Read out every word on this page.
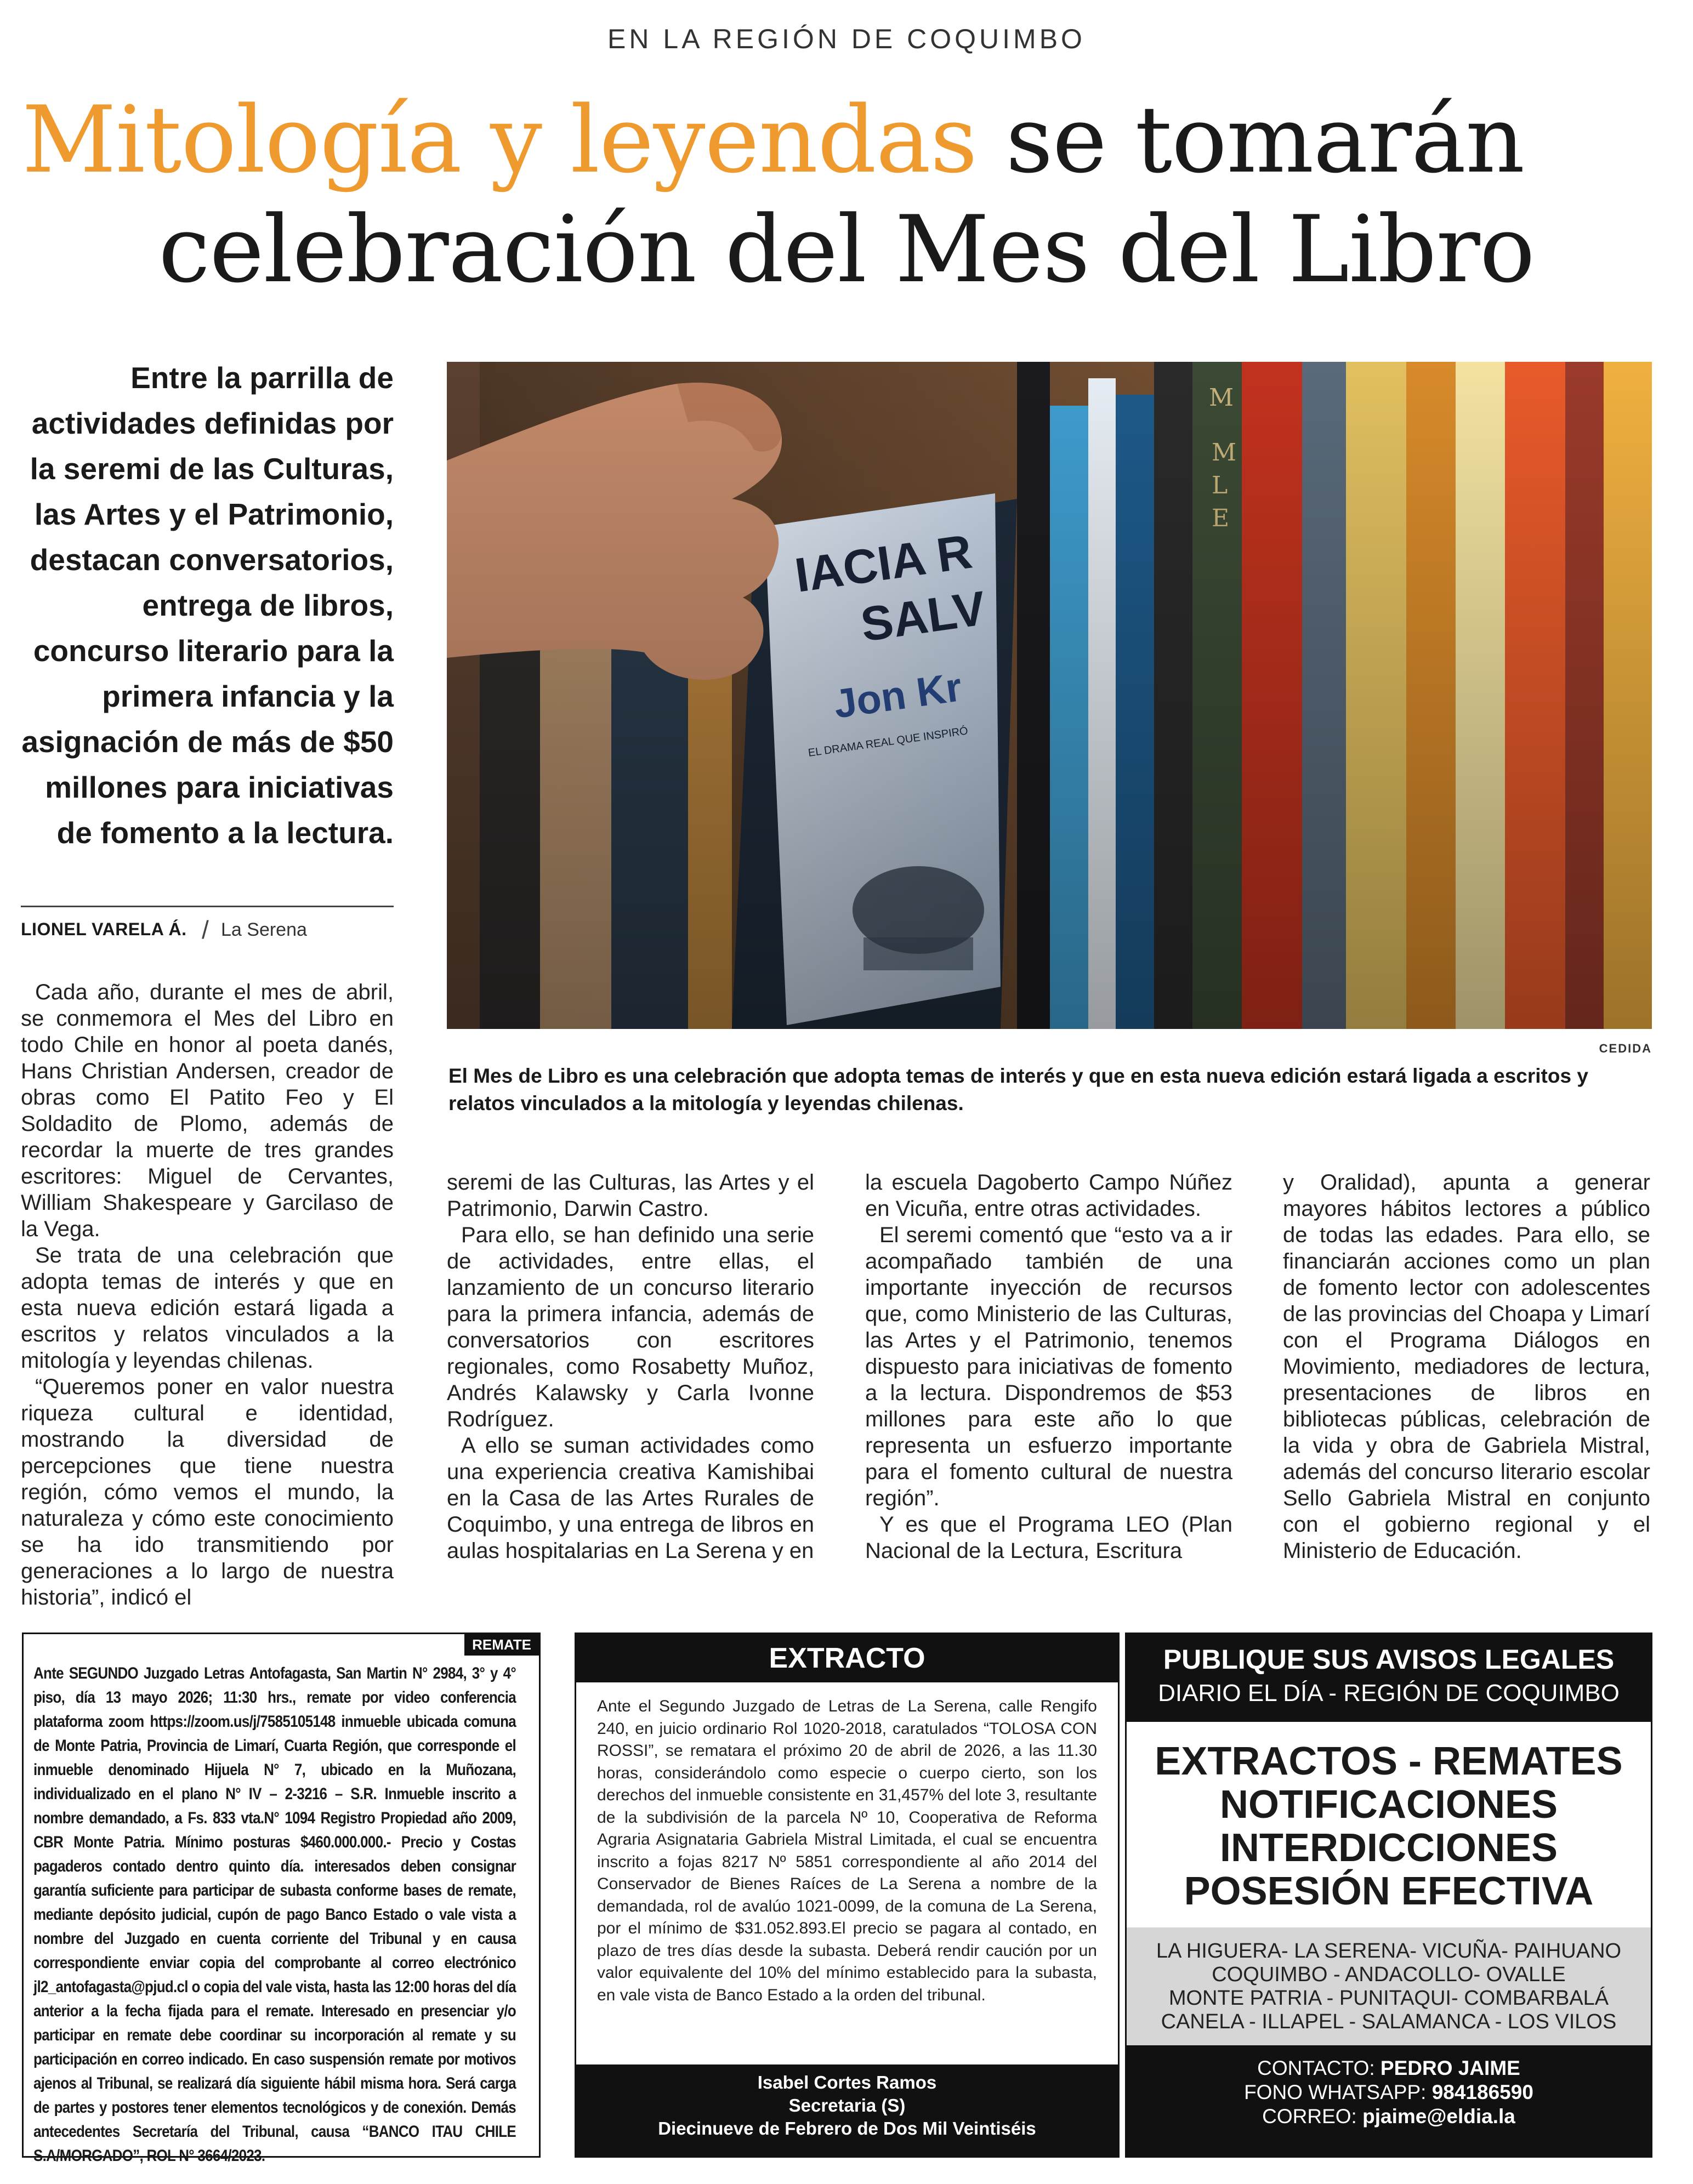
EN LA REGIÓN DE COQUIMBO
Mitología y leyendas se tomarán
celebración del Mes del Libro
Entre la parrilla de actividades definidas por la seremi de las Culturas, las Artes y el Patrimonio, destacan conversatorios, entrega de libros, concurso literario para la primera infancia y la asignación de más de $50 millones para iniciativas de fomento a la lectura.
LIONEL VARELA Á. / La Serena
CEDIDA
El Mes de Libro es una celebración que adopta temas de interés y que en esta nueva edición estará ligada a escritos y relatos vinculados a la mitología y leyendas chilenas.

Cada año, durante el mes de abril, se conmemora el Mes del Libro en todo Chile en honor al poeta danés, Hans Christian Andersen, creador de obras como El Patito Feo y El Soldadito de Plomo, además de recordar la muerte de tres grandes escritores: Miguel de Cervantes, William Shakespeare y Garcilaso de la Vega.

Se trata de una celebración que adopta temas de interés y que en esta nueva edición estará ligada a escritos y relatos vinculados a la mitología y leyendas chilenas.

“Queremos poner en valor nuestra riqueza cultural e identidad, mostrando la diversidad de percepciones que tiene nuestra región, cómo vemos el mundo, la naturaleza y cómo este conocimiento se ha ido transmitiendo por generaciones a lo largo de nuestra historia”, indicó el

seremi de las Culturas, las Artes y el Patrimonio, Darwin Castro.

Para ello, se han definido una serie de actividades, entre ellas, el lanzamiento de un concurso literario para la primera infancia, además de conversatorios con escritores regionales, como Rosabetty Muñoz, Andrés Kalawsky y Carla Ivonne Rodríguez.

A ello se suman actividades como una experiencia creativa Kamishibai en la Casa de las Artes Rurales de Coquimbo, y una entrega de libros en aulas hospitalarias en La Serena y en

la escuela Dagoberto Campo Núñez en Vicuña, entre otras actividades.

El seremi comentó que “esto va a ir acompañado también de una importante inyección de recursos que, como Ministerio de las Culturas, las Artes y el Patrimonio, tenemos dispuesto para iniciativas de fomento a la lectura. Dispondremos de $53 millones para este año lo que representa un esfuerzo importante para el fomento cultural de nuestra región”.

Y es que el Programa LEO (Plan Nacional de la Lectura, Escritura

y Oralidad), apunta a generar mayores hábitos lectores a público de todas las edades. Para ello, se financiarán acciones como un plan de fomento lector con adolescentes de las provincias del Choapa y Limarí con el Programa Diálogos en Movimiento, mediadores de lectura, presentaciones de libros en bibliotecas públicas, celebración de la vida y obra de Gabriela Mistral, además del concurso literario escolar Sello Gabriela Mistral en conjunto con el gobierno regional y el Ministerio de Educación.

REMATE
Ante SEGUNDO Juzgado Letras Antofagasta, San Martin N° 2984, 3° y 4° piso, día 13 mayo 2026; 11:30 hrs., remate por video conferencia plataforma zoom https://zoom.us/j/7585105148 inmueble ubicada comuna de Monte Patria, Provincia de Limarí, Cuarta Región, que corresponde el inmueble denominado Hijuela N° 7, ubicado en la Muñozana, individualizado en el plano N° IV – 2-3216 – S.R. Inmueble inscrito a nombre demandado, a Fs. 833 vta.N° 1094 Registro Propiedad año 2009, CBR Monte Patria. Mínimo posturas $460.000.000.- Precio y Costas pagaderos contado dentro quinto día. interesados deben consignar garantía suficiente para participar de subasta conforme bases de remate, mediante depósito judicial, cupón de pago Banco Estado o vale vista a nombre del Juzgado en cuenta corriente del Tribunal y en causa correspondiente enviar copia del comprobante al correo electrónico jl2_antofagasta@pjud.cl o copia del vale vista, hasta las 12:00 horas del día anterior a la fecha fijada para el remate. Interesado en presenciar y/o participar en remate debe coordinar su incorporación al remate y su participación en correo indicado. En caso suspensión remate por motivos ajenos al Tribunal, se realizará día siguiente hábil misma hora. Será carga de partes y postores tener elementos tecnológicos y de conexión. Demás antecedentes Secretaría del Tribunal, causa “BANCO ITAU CHILE S.A/MORGADO”, ROL N° 3664/2023.
EXTRACTO
Ante el Segundo Juzgado de Letras de La Serena, calle Rengifo 240, en juicio ordinario Rol 1020-2018, caratulados “TOLOSA CON ROSSI”, se rematara el próximo 20 de abril de 2026, a las 11.30 horas, considerándolo como especie o cuerpo cierto, son los derechos del inmueble consistente en 31,457% del lote 3, resultante de la subdivisión de la parcela Nº 10, Cooperativa de Reforma Agraria Asignataria Gabriela Mistral Limitada, el cual se encuentra inscrito a fojas 8217 Nº 5851 correspondiente al año 2014 del Conservador de Bienes Raíces de La Serena a nombre de la demandada, rol de avalúo 1021-0099, de la comuna de La Serena, por el mínimo de $31.052.893.El precio se pagara al contado, en plazo de tres días desde la subasta. Deberá rendir caución por un valor equivalente del 10% del mínimo establecido para la subasta, en vale vista de Banco Estado a la orden del tribunal.
Isabel Cortes Ramos
Secretaria (S)
Diecinueve de Febrero de Dos Mil Veintiséis
PUBLIQUE SUS AVISOS LEGALES
DIARIO EL DÍA - REGIÓN DE COQUIMBO
EXTRACTOS - REMATES
NOTIFICACIONES
INTERDICCIONES
POSESIÓN EFECTIVA
LA HIGUERA- LA SERENA- VICUÑA- PAIHUANO
COQUIMBO - ANDACOLLO- OVALLE
MONTE PATRIA - PUNITAQUI- COMBARBALÁ
CANELA - ILLAPEL - SALAMANCA - LOS VILOS
CONTACTO: PEDRO JAIME
FONO WHATSAPP: 984186590
CORREO: pjaime@eldia.la
